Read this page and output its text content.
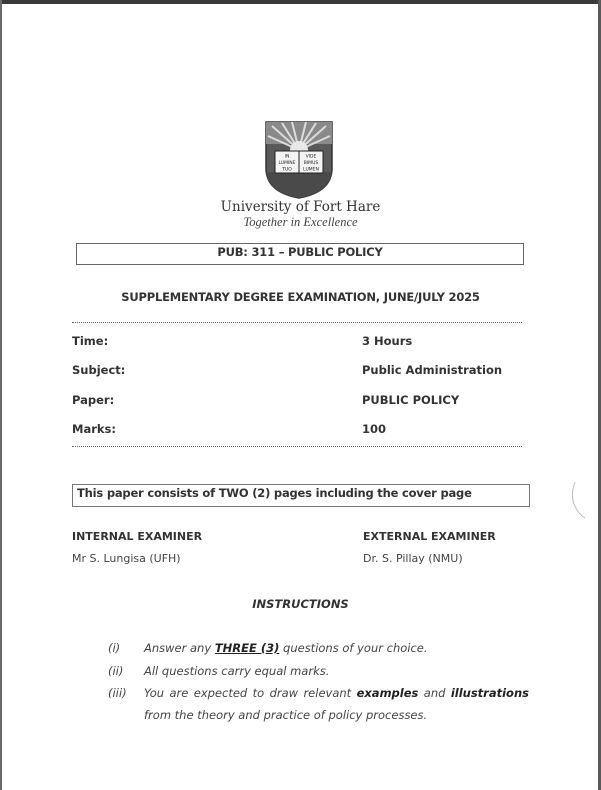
IN	VIDE
LUMINE BIMUS
TUO	LUMEN
University of Fort Hare
Together in Excellence
PUB: 311 – PUBLIC POLICY
SUPPLEMENTARY DEGREE EXAMINATION, JUNE/JULY 2025
Time:	3 Hours
Subject:	Public Administration
Paper:	PUBLIC POLICY
Marks:	100
This paper consists of TWO (2) pages including the cover page
INTERNAL EXAMINER
Mr S. Lungisa (UFH)
EXTERNAL EXAMINER
Dr. S. Pillay (NMU)
INSTRUCTIONS
(i) Answer any THREE (3) questions of your choice.
(ii) All questions carry equal marks.
(iii) You are expected to draw relevant examples and illustrations
from the theory and practice of policy processes.
